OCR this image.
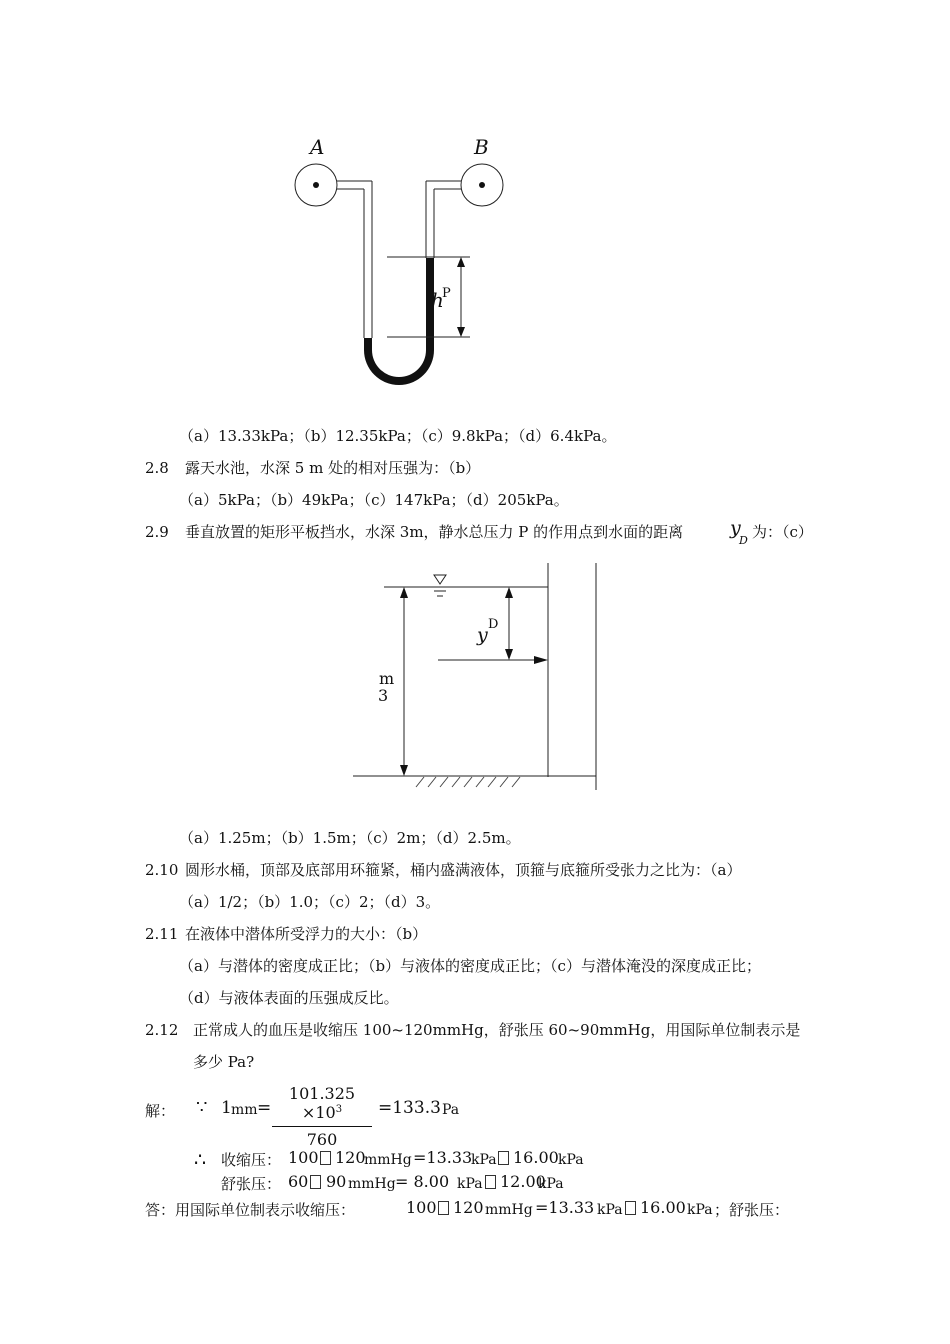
A	B
h
P
（a）13.33kPa；（b）12.35kPa；（c）9.8kPa；（d）6.4kPa。
2.8 露天水池，水深 5 m 处的相对压强为：（b）
（a）5kPa；（b）49kPa；（c）147kPa；（d）205kPa。
2.9 垂直放置的矩形平板挡水，水深 3m，静水总压力 P 的作用点到水面的距离 y
D 为：（c）
y D
m
3
（a）1.25m；（b）1.5m；（c）2m；（d）2.5m。
2.10 圆形水桶，顶部及底部用环箍紧，桶内盛满液体，顶箍与底箍所受张力之比为：（a）
（a）1/2；（b）1.0；（c）2；（d）3。
2.11 在液体中潜体所受浮力的大小：（b）
（a）与潜体的密度成正比；（b）与液体的密度成正比；（c）与潜体淹没的深度成正比；
（d）与液体表面的压强成反比。
2.12 正常成人的血压是收缩压 100~120mmHg，舒张压 60~90mmHg，用国际单位制表示是
多少 Pa?
解： ∵ 1 mm =
$101.325 \times 10^3$
760
=133.3 Pa
∴ 收缩压： 100 120
mmHg =13.33
kPa 16.00 kPa
舒张压： 60 90 mmHg = 8.00 kPa 12.00
kPa
答：用国际单位制表示收缩压：	100 120 mmHg =13.33 kPa 16.00 kPa ；舒张压：
